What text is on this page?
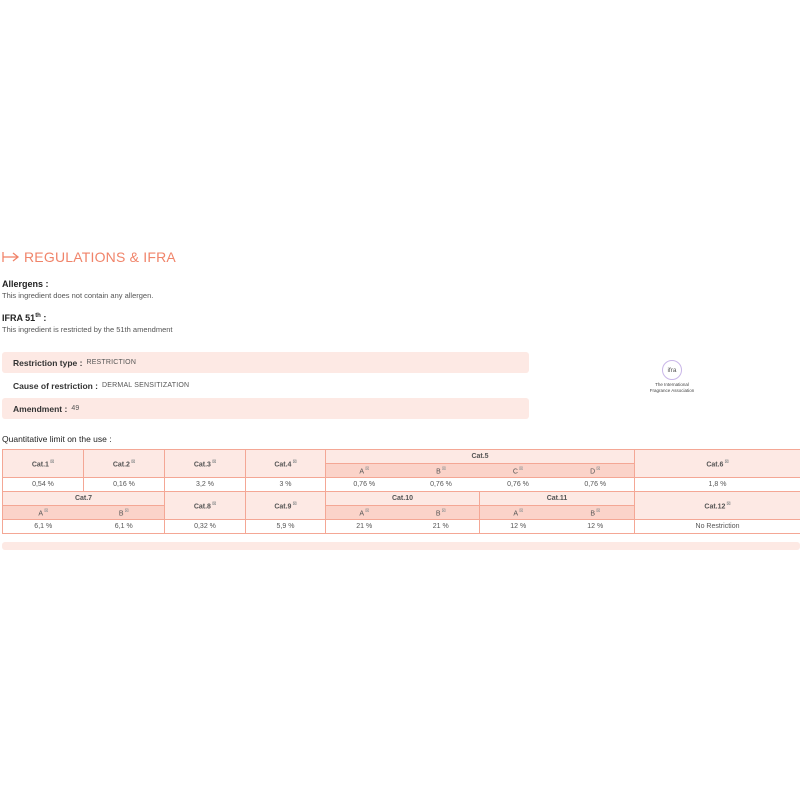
REGULATIONS & IFRA
Allergens :
This ingredient does not contain any allergen.
IFRA 51th :
This ingredient is restricted by the 51th amendment
Restriction type : RESTRICTION
Cause of restriction : DERMAL SENSITIZATION
Amendment : 49
ifra
The International
Fragrance Association
Quantitative limit on the use :
Cat.1⊠	Cat.2⊠	Cat.3⊠	Cat.4⊠	Cat.5				Cat.6⊠
				A⊠	B⊠	C⊠	D⊠
0,54 %	0,16 %	3,2 %	3 %	0,76 %	0,76 %	0,76 %	0,76 %	1,8 %
Cat.7		Cat.8⊠	Cat.9⊠	Cat.10		Cat.11		Cat.12⊠
A⊠	B⊠			A⊠	B⊠	A⊠	B⊠
6,1 %	6,1 %	0,32 %	5,9 %	21 %	21 %	12 %	12 %	No Restriction
